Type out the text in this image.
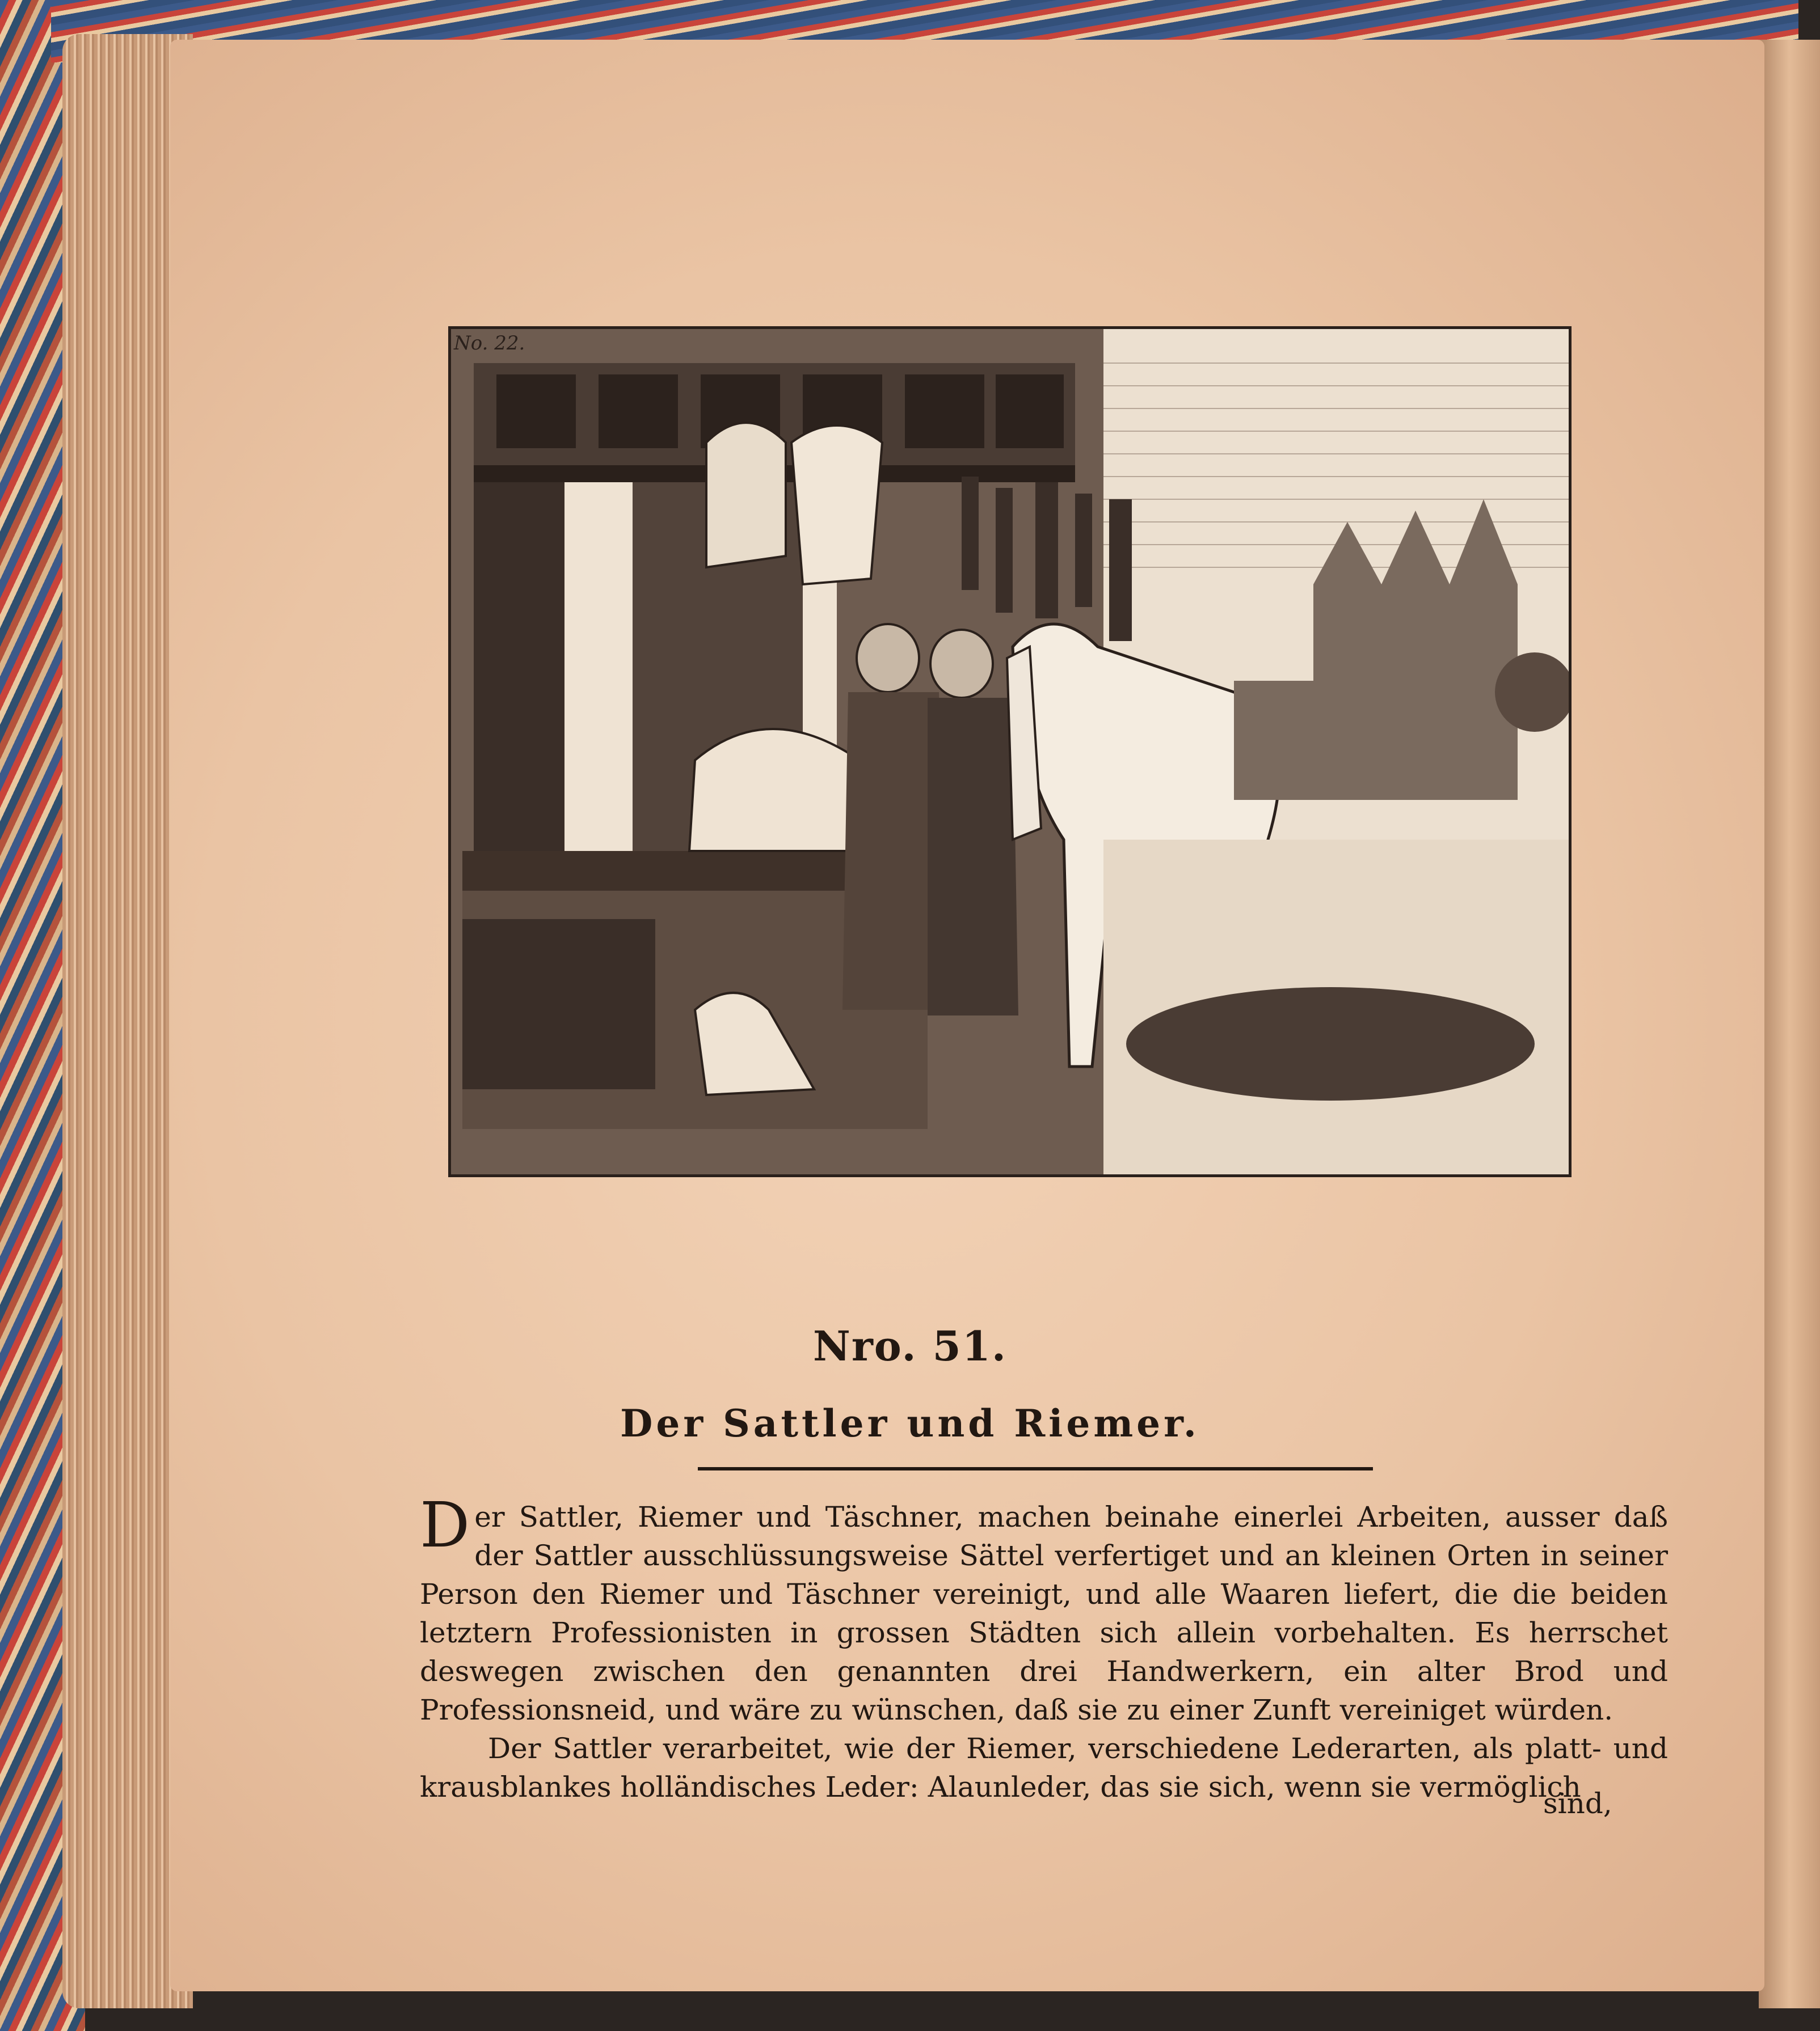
No. 22.
Nro. 51.
Der Sattler und Riemer.

Der Sattler, Riemer und Täschner, machen beinahe einerlei Arbeiten, ausser daß der Sattler ausschlüssungsweise Sättel verfertiget und an kleinen Orten in seiner Person den Riemer und Täschner vereinigt, und alle Waaren liefert, die die beiden letztern Professionisten in grossen Städten sich allein vorbehalten. Es herrschet deswegen zwischen den genannten drei Handwerkern, ein alter Brod und Professionsneid, und wäre zu wünschen, daß sie zu einer Zunft vereiniget würden.

Der Sattler verarbeitet, wie der Riemer, verschiedene Lederarten, als platt- und krausblankes holländisches Leder: Alaunleder, das sie sich, wenn sie vermöglich

sind,
